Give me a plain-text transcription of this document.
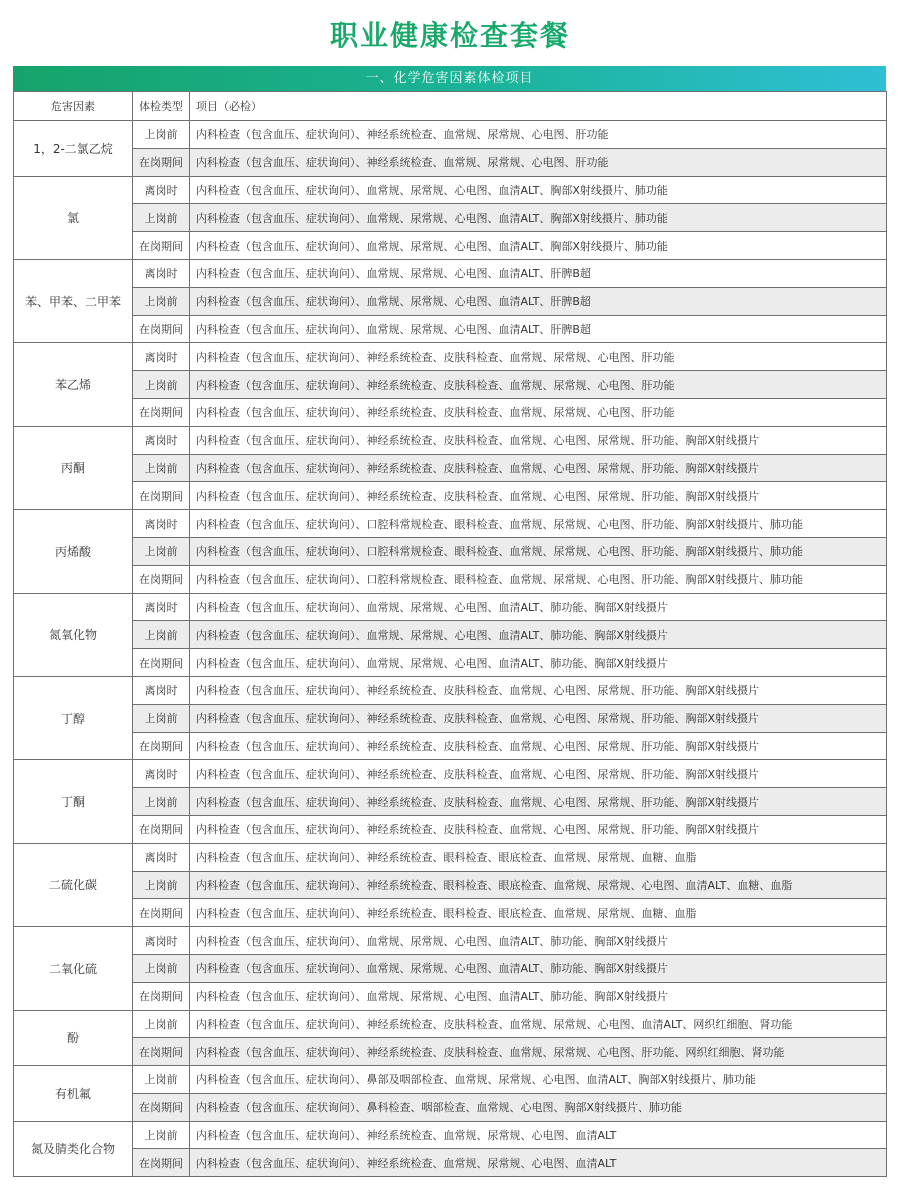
职业健康检查套餐
一、化学危害因素体检项目
危害因素	体检类型	项目（必检）
1，2-二氯乙烷	上岗前	内科检查（包含血压、症状询问）、神经系统检查、血常规、尿常规、心电图、肝功能
	在岗期间	内科检查（包含血压、症状询问）、神经系统检查、血常规、尿常规、心电图、肝功能
氯	离岗时	内科检查（包含血压、症状询问）、血常规、尿常规、心电图、血清ALT、胸部X射线摄片、肺功能
	上岗前	内科检查（包含血压、症状询问）、血常规、尿常规、心电图、血清ALT、胸部X射线摄片、肺功能
	在岗期间	内科检查（包含血压、症状询问）、血常规、尿常规、心电图、血清ALT、胸部X射线摄片、肺功能
苯、甲苯、二甲苯	离岗时	内科检查（包含血压、症状询问）、血常规、尿常规、心电图、血清ALT、肝脾B超
	上岗前	内科检查（包含血压、症状询问）、血常规、尿常规、心电图、血清ALT、肝脾B超
	在岗期间	内科检查（包含血压、症状询问）、血常规、尿常规、心电图、血清ALT、肝脾B超
苯乙烯	离岗时	内科检查（包含血压、症状询问）、神经系统检查、皮肤科检查、血常规、尿常规、心电图、肝功能
	上岗前	内科检查（包含血压、症状询问）、神经系统检查、皮肤科检查、血常规、尿常规、心电图、肝功能
	在岗期间	内科检查（包含血压、症状询问）、神经系统检查、皮肤科检查、血常规、尿常规、心电图、肝功能
丙酮	离岗时	内科检查（包含血压、症状询问）、神经系统检查、皮肤科检查、血常规、心电图、尿常规、肝功能、胸部X射线摄片
	上岗前	内科检查（包含血压、症状询问）、神经系统检查、皮肤科检查、血常规、心电图、尿常规、肝功能、胸部X射线摄片
	在岗期间	内科检查（包含血压、症状询问）、神经系统检查、皮肤科检查、血常规、心电图、尿常规、肝功能、胸部X射线摄片
丙烯酸	离岗时	内科检查（包含血压、症状询问）、口腔科常规检查、眼科检查、血常规、尿常规、心电图、肝功能、胸部X射线摄片、肺功能
	上岗前	内科检查（包含血压、症状询问）、口腔科常规检查、眼科检查、血常规、尿常规、心电图、肝功能、胸部X射线摄片、肺功能
	在岗期间	内科检查（包含血压、症状询问）、口腔科常规检查、眼科检查、血常规、尿常规、心电图、肝功能、胸部X射线摄片、肺功能
氮氧化物	离岗时	内科检查（包含血压、症状询问）、血常规、尿常规、心电图、血清ALT、肺功能、胸部X射线摄片
	上岗前	内科检查（包含血压、症状询问）、血常规、尿常规、心电图、血清ALT、肺功能、胸部X射线摄片
	在岗期间	内科检查（包含血压、症状询问）、血常规、尿常规、心电图、血清ALT、肺功能、胸部X射线摄片
丁醇	离岗时	内科检查（包含血压、症状询问）、神经系统检查、皮肤科检查、血常规、心电图、尿常规、肝功能、胸部X射线摄片
	上岗前	内科检查（包含血压、症状询问）、神经系统检查、皮肤科检查、血常规、心电图、尿常规、肝功能、胸部X射线摄片
	在岗期间	内科检查（包含血压、症状询问）、神经系统检查、皮肤科检查、血常规、心电图、尿常规、肝功能、胸部X射线摄片
丁酮	离岗时	内科检查（包含血压、症状询问）、神经系统检查、皮肤科检查、血常规、心电图、尿常规、肝功能、胸部X射线摄片
	上岗前	内科检查（包含血压、症状询问）、神经系统检查、皮肤科检查、血常规、心电图、尿常规、肝功能、胸部X射线摄片
	在岗期间	内科检查（包含血压、症状询问）、神经系统检查、皮肤科检查、血常规、心电图、尿常规、肝功能、胸部X射线摄片
二硫化碳	离岗时	内科检查（包含血压、症状询问）、神经系统检查、眼科检查、眼底检查、血常规、尿常规、血糖、血脂
	上岗前	内科检查（包含血压、症状询问）、神经系统检查、眼科检查、眼底检查、血常规、尿常规、心电图、血清ALT、血糖、血脂
	在岗期间	内科检查（包含血压、症状询问）、神经系统检查、眼科检查、眼底检查、血常规、尿常规、血糖、血脂
二氧化硫	离岗时	内科检查（包含血压、症状询问）、血常规、尿常规、心电图、血清ALT、肺功能、胸部X射线摄片
	上岗前	内科检查（包含血压、症状询问）、血常规、尿常规、心电图、血清ALT、肺功能、胸部X射线摄片
	在岗期间	内科检查（包含血压、症状询问）、血常规、尿常规、心电图、血清ALT、肺功能、胸部X射线摄片
酚	上岗前	内科检查（包含血压、症状询问）、神经系统检查、皮肤科检查、血常规、尿常规、心电图、血清ALT、网织红细胞、肾功能
	在岗期间	内科检查（包含血压、症状询问）、神经系统检查、皮肤科检查、血常规、尿常规、心电图、肝功能、网织红细胞、肾功能
有机氟	上岗前	内科检查（包含血压、症状询问）、鼻部及咽部检查、血常规、尿常规、心电图、血清ALT、胸部X射线摄片、肺功能
	在岗期间	内科检查（包含血压、症状询问）、鼻科检查、咽部检查、血常规、心电图、胸部X射线摄片、肺功能
氮及腈类化合物	上岗前	内科检查（包含血压、症状询问）、神经系统检查、血常规、尿常规、心电图、血清ALT
	在岗期间	内科检查（包含血压、症状询问）、神经系统检查、血常规、尿常规、心电图、血清ALT
